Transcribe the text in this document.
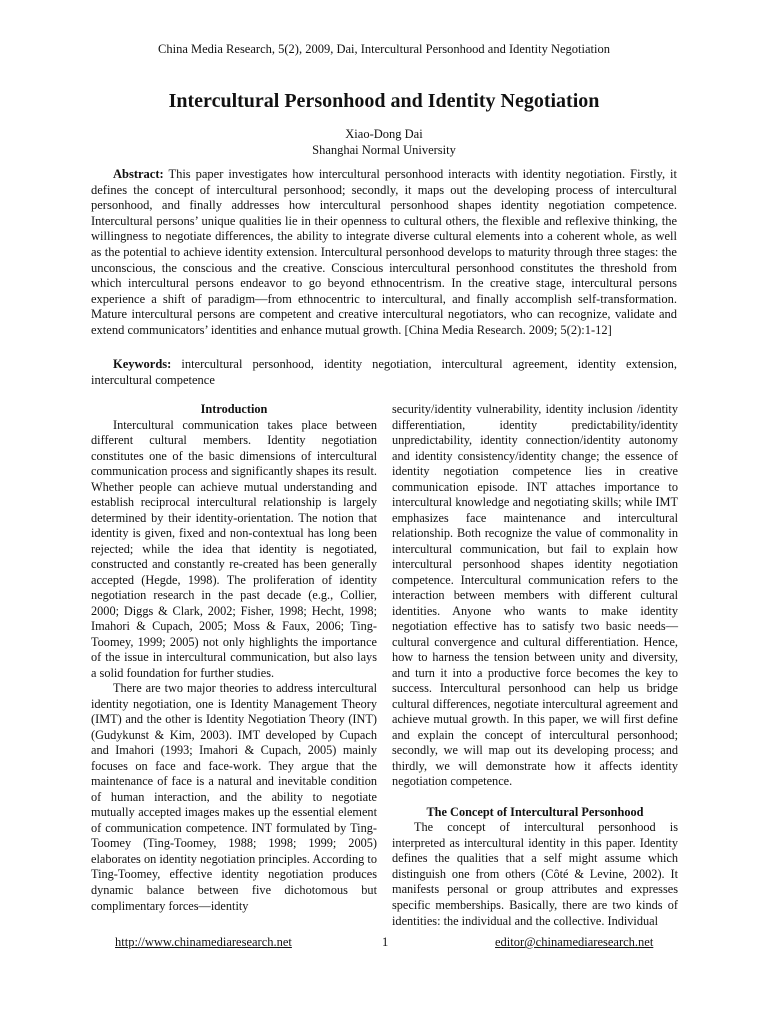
China Media Research, 5(2), 2009, Dai, Intercultural Personhood and Identity Negotiation
Intercultural Personhood and Identity Negotiation
Xiao-Dong Dai
Shanghai Normal University

Abstract: This paper investigates how intercultural personhood interacts with identity negotiation. Firstly, it defines the concept of intercultural personhood; secondly, it maps out the developing process of intercultural personhood, and finally addresses how intercultural personhood shapes identity negotiation competence. Intercultural persons’ unique qualities lie in their openness to cultural others, the flexible and reflexive thinking, the willingness to negotiate differences, the ability to integrate diverse cultural elements into a coherent whole, as well as the potential to achieve identity extension. Intercultural personhood develops to maturity through three stages: the unconscious, the conscious and the creative. Conscious intercultural personhood constitutes the threshold from which intercultural persons endeavor to go beyond ethnocentrism. In the creative stage, intercultural persons experience a shift of paradigm—from ethnocentric to intercultural, and finally accomplish self-transformation. Mature intercultural persons are competent and creative intercultural negotiators, who can recognize, validate and extend communicators’ identities and enhance mutual growth. [China Media Research. 2009; 5(2):1-12]

Keywords: intercultural personhood, identity negotiation, intercultural agreement, identity extension, intercultural competence

Introduction

Intercultural communication takes place between different cultural members. Identity negotiation constitutes one of the basic dimensions of intercultural communication process and significantly shapes its result. Whether people can achieve mutual understanding and establish reciprocal intercultural relationship is largely determined by their identity-orientation. The notion that identity is given, fixed and non-contextual has long been rejected; while the idea that identity is negotiated, constructed and constantly re-created has been generally accepted (Hegde, 1998). The proliferation of identity negotiation research in the past decade (e.g., Collier, 2000; Diggs & Clark, 2002; Fisher, 1998; Hecht, 1998; Imahori & Cupach, 2005; Moss & Faux, 2006; Ting-Toomey, 1999; 2005) not only highlights the importance of the issue in intercultural communication, but also lays a solid foundation for further studies.

There are two major theories to address intercultural identity negotiation, one is Identity Management Theory (IMT) and the other is Identity Negotiation Theory (INT) (Gudykunst & Kim, 2003). IMT developed by Cupach and Imahori (1993; Imahori & Cupach, 2005) mainly focuses on face and face-work. They argue that the maintenance of face is a natural and inevitable condition of human interaction, and the ability to negotiate mutually accepted images makes up the essential element of communication competence. INT formulated by Ting-Toomey (Ting-Toomey, 1988; 1998; 1999; 2005) elaborates on identity negotiation principles. According to Ting-Toomey, effective identity negotiation produces dynamic balance between five dichotomous but complimentary forces—identity

security/identity vulnerability, identity inclusion /identity differentiation, identity predictability/identity unpredictability, identity connection/identity autonomy and identity consistency/identity change; the essence of identity negotiation competence lies in creative communication episode. INT attaches importance to intercultural knowledge and negotiating skills; while IMT emphasizes face maintenance and intercultural relationship. Both recognize the value of commonality in intercultural communication, but fail to explain how intercultural personhood shapes identity negotiation competence. Intercultural communication refers to the interaction between members with different cultural identities. Anyone who wants to make identity negotiation effective has to satisfy two basic needs—cultural convergence and cultural differentiation. Hence, how to harness the tension between unity and diversity, and turn it into a productive force becomes the key to success. Intercultural personhood can help us bridge cultural differences, negotiate intercultural agreement and achieve mutual growth. In this paper, we will first define and explain the concept of intercultural personhood; secondly, we will map out its developing process; and thirdly, we will demonstrate how it affects identity negotiation competence.

The Concept of Intercultural Personhood

The concept of intercultural personhood is interpreted as intercultural identity in this paper. Identity defines the qualities that a self might assume which distinguish one from others (Côté & Levine, 2002). It manifests personal or group attributes and expresses specific memberships. Basically, there are two kinds of identities: the individual and the collective. Individual

http://www.chinamediaresearch.net	1	editor@chinamediaresearch.net
